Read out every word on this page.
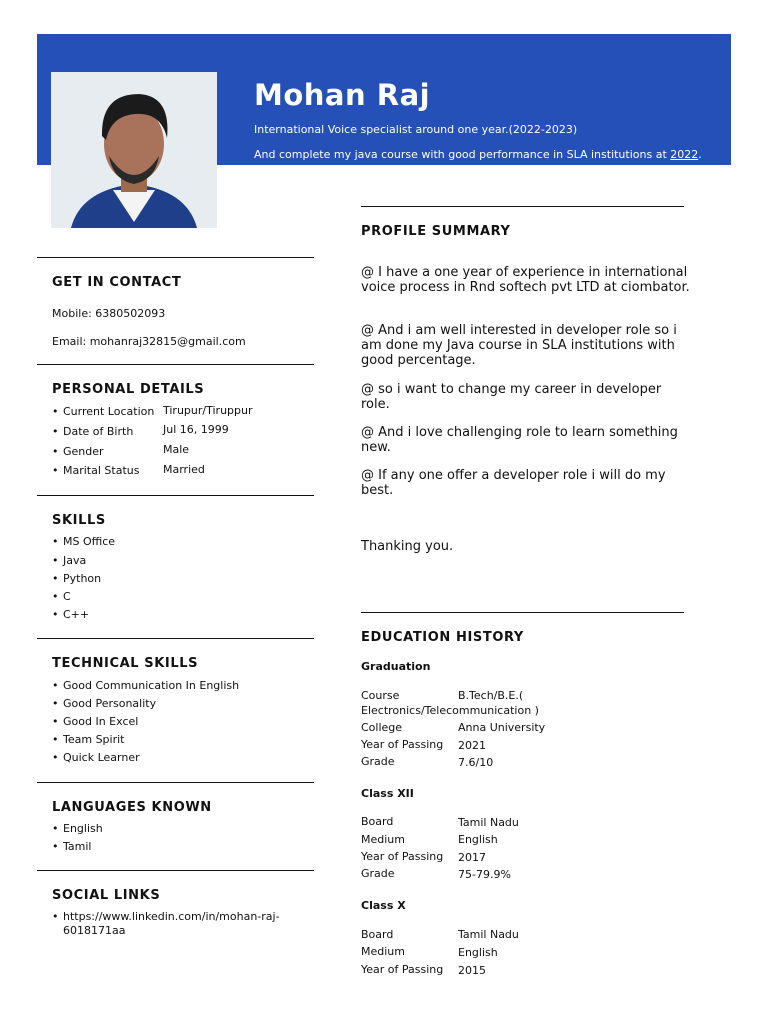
Mohan Raj
International Voice specialist around one year.(2022-2023)
And complete my java course with good performance in SLA institutions at 2022.
GET IN CONTACT
Mobile: 6380502093
Email: mohanraj32815@gmail.com
PERSONAL DETAILS
• Current Location Tirupur/Tiruppur
• Date of Birth	Jul 16, 1999
• Gender	Male
• Marital Status Married
SKILLS
• MS Office
• Java
• Python
• C
• C++
TECHNICAL SKILLS
• Good Communication In English
• Good Personality
• Good In Excel
• Team Spirit
• Quick Learner
LANGUAGES KNOWN
• English
• Tamil
SOCIAL LINKS
• https://www.linkedin.com/in/mohan-raj-
6018171aa
PROFILE SUMMARY
@ I have a one year of experience in international voice process in Rnd softech pvt LTD at ciombator.
@ And i am well interested in developer role so i am done my Java course in SLA institutions with good percentage.
@ so i want to change my career in developer role.
@ And i love challenging role to learn something new.
@ If any one offer a developer role i will do my best.
Thanking you.
EDUCATION HISTORY
Graduation
Course	B.Tech/B.E.(
Electronics/Telecommunication )
College	Anna University
Year of Passing 2021
Grade	7.6/10
Class XII
Board	Tamil Nadu
Medium	English
Year of Passing 2017
Grade	75-79.9%
Class X
Board	Tamil Nadu
Medium	English
Year of Passing 2015
